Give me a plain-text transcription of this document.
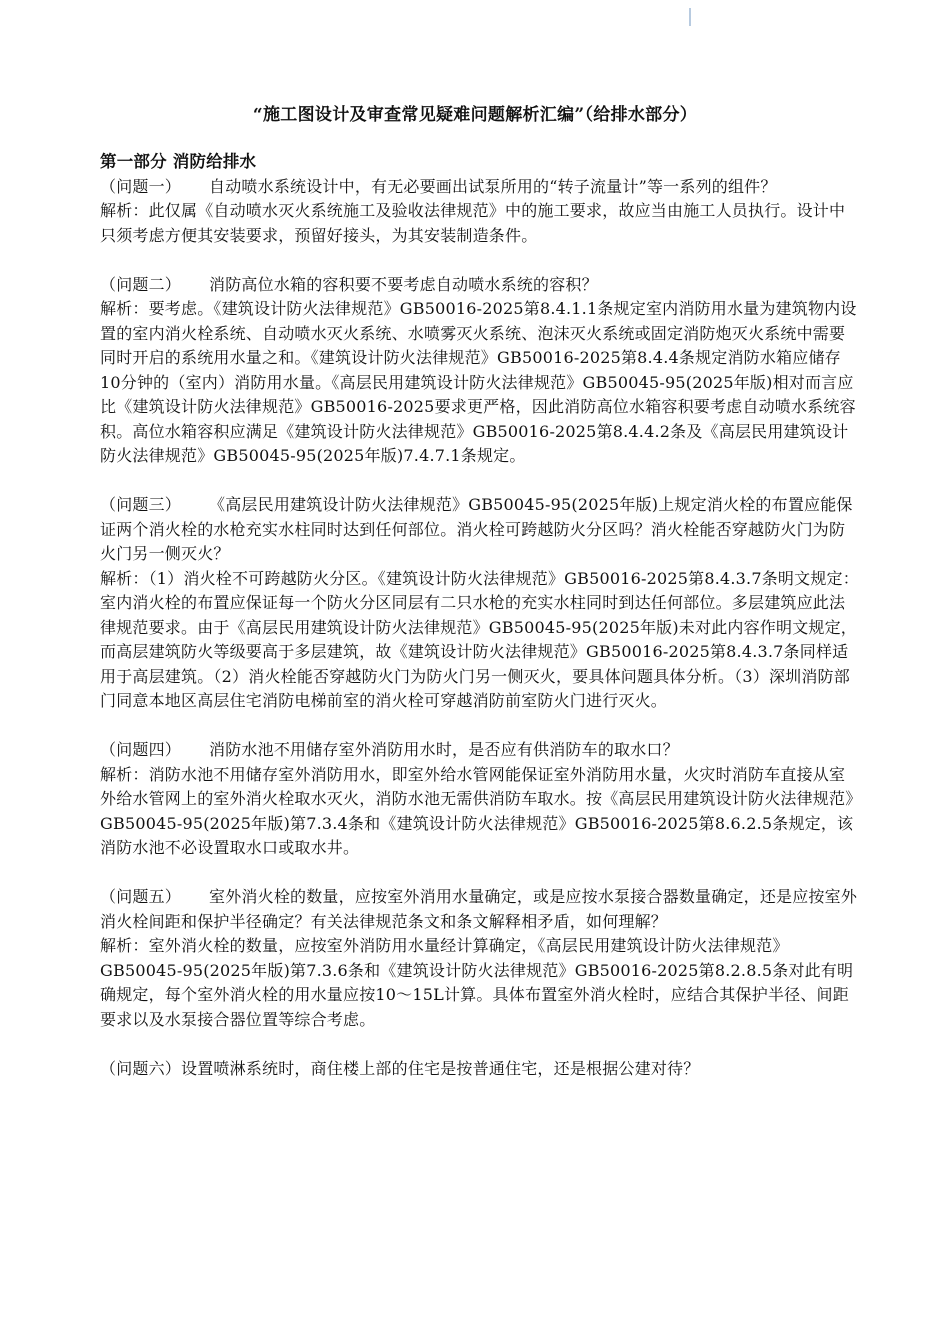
“施工图设计及审查常见疑难问题解析汇编”（给排水部分）

第一部分 消防给排水

（问题一） 自动喷水系统设计中，有无必要画出试泵所用的“转子流量计”等一系列的组件？

解析：此仅属《自动喷水灭火系统施工及验收法律规范》中的施工要求，故应当由施工人员执行。设计中只须考虑方便其安装要求，预留好接头，为其安装制造条件。

（问题二） 消防高位水箱的容积要不要考虑自动喷水系统的容积？

解析：要考虑。《建筑设计防火法律规范》GB50016-2025第8.4.1.1条规定室内消防用水量为建筑物内设置的室内消火栓系统、自动喷水灭火系统、水喷雾灭火系统、泡沫灭火系统或固定消防炮灭火系统中需要同时开启的系统用水量之和。《建筑设计防火法律规范》GB50016-2025第8.4.4条规定消防水箱应储存10分钟的（室内）消防用水量。《高层民用建筑设计防火法律规范》GB50045-95(2025年版)相对而言应比《建筑设计防火法律规范》GB50016-2025要求更严格，因此消防高位水箱容积要考虑自动喷水系统容积。高位水箱容积应满足《建筑设计防火法律规范》GB50016-2025第8.4.4.2条及《高层民用建筑设计防火法律规范》GB50045-95(2025年版)7.4.7.1条规定。

（问题三） 《高层民用建筑设计防火法律规范》GB50045-95(2025年版)上规定消火栓的布置应能保证两个消火栓的水枪充实水柱同时达到任何部位。消火栓可跨越防火分区吗？消火栓能否穿越防火门为防火门另一侧灭火？

解析：（1）消火栓不可跨越防火分区。《建筑设计防火法律规范》GB50016-2025第8.4.3.7条明文规定：室内消火栓的布置应保证每一个防火分区同层有二只水枪的充实水柱同时到达任何部位。多层建筑应此法律规范要求。由于《高层民用建筑设计防火法律规范》GB50045-95(2025年版)未对此内容作明文规定，而高层建筑防火等级要高于多层建筑，故《建筑设计防火法律规范》GB50016-2025第8.4.3.7条同样适用于高层建筑。（2）消火栓能否穿越防火门为防火门另一侧灭火，要具体问题具体分析。（3）深圳消防部门同意本地区高层住宅消防电梯前室的消火栓可穿越消防前室防火门进行灭火。

（问题四） 消防水池不用储存室外消防用水时，是否应有供消防车的取水口？

解析：消防水池不用储存室外消防用水，即室外给水管网能保证室外消防用水量，火灾时消防车直接从室外给水管网上的室外消火栓取水灭火，消防水池无需供消防车取水。按《高层民用建筑设计防火法律规范》GB50045-95(2025年版)第7.3.4条和《建筑设计防火法律规范》GB50016-2025第8.6.2.5条规定，该消防水池不必设置取水口或取水井。

（问题五） 室外消火栓的数量，应按室外消用水量确定，或是应按水泵接合器数量确定，还是应按室外消火栓间距和保护半径确定？有关法律规范条文和条文解释相矛盾，如何理解？

解析：室外消火栓的数量，应按室外消防用水量经计算确定，《高层民用建筑设计防火法律规范》GB50045-95(2025年版)第7.3.6条和《建筑设计防火法律规范》GB50016-2025第8.2.8.5条对此有明确规定，每个室外消火栓的用水量应按10～15L计算。具体布置室外消火栓时，应结合其保护半径、间距要求以及水泵接合器位置等综合考虑。

（问题六）设置喷淋系统时，商住楼上部的住宅是按普通住宅，还是根据公建对待？
